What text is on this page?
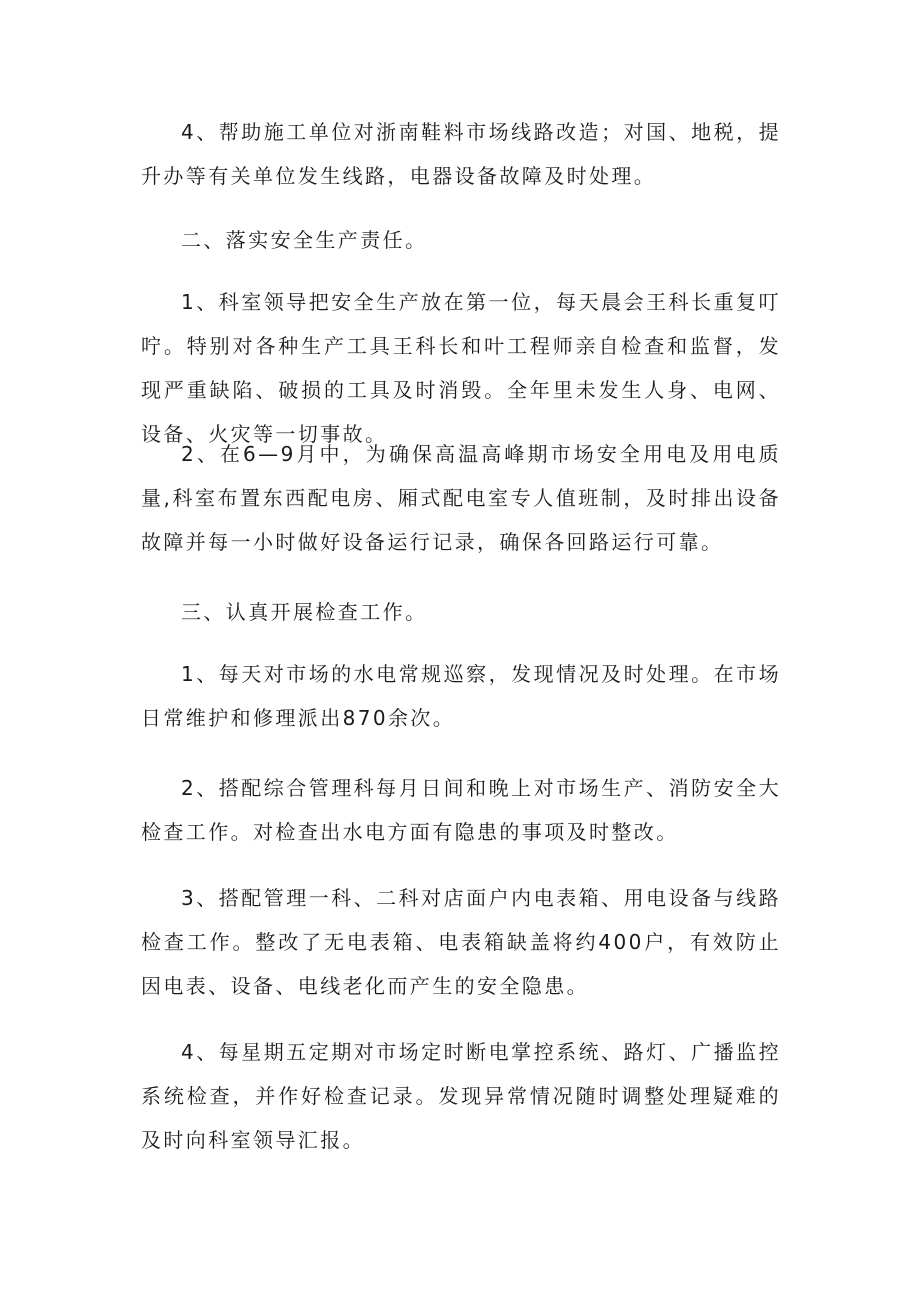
4、帮助施工单位对浙南鞋料市场线路改造；对国、地税，提升办等有关单位发生线路，电器设备故障及时处理。

二、落实安全生产责任。

1、科室领导把安全生产放在第一位，每天晨会王科长重复叮咛。特别对各种生产工具王科长和叶工程师亲自检查和监督，发现严重缺陷、破损的工具及时消毁。全年里未发生人身、电网、设备、火灾等一切事故。

2、在6—9月中，为确保高温高峰期市场安全用电及用电质量,科室布置东西配电房、厢式配电室专人值班制，及时排出设备故障并每一小时做好设备运行记录，确保各回路运行可靠。

三、认真开展检查工作。

1、每天对市场的水电常规巡察，发现情况及时处理。在市场日常维护和修理派出870余次。

2、搭配综合管理科每月日间和晚上对市场生产、消防安全大检查工作。对检查出水电方面有隐患的事项及时整改。

3、搭配管理一科、二科对店面户内电表箱、用电设备与线路检查工作。整改了无电表箱、电表箱缺盖将约400户，有效防止因电表、设备、电线老化而产生的安全隐患。

4、每星期五定期对市场定时断电掌控系统、路灯、广播监控系统检查，并作好检查记录。发现异常情况随时调整处理疑难的及时向科室领导汇报。
